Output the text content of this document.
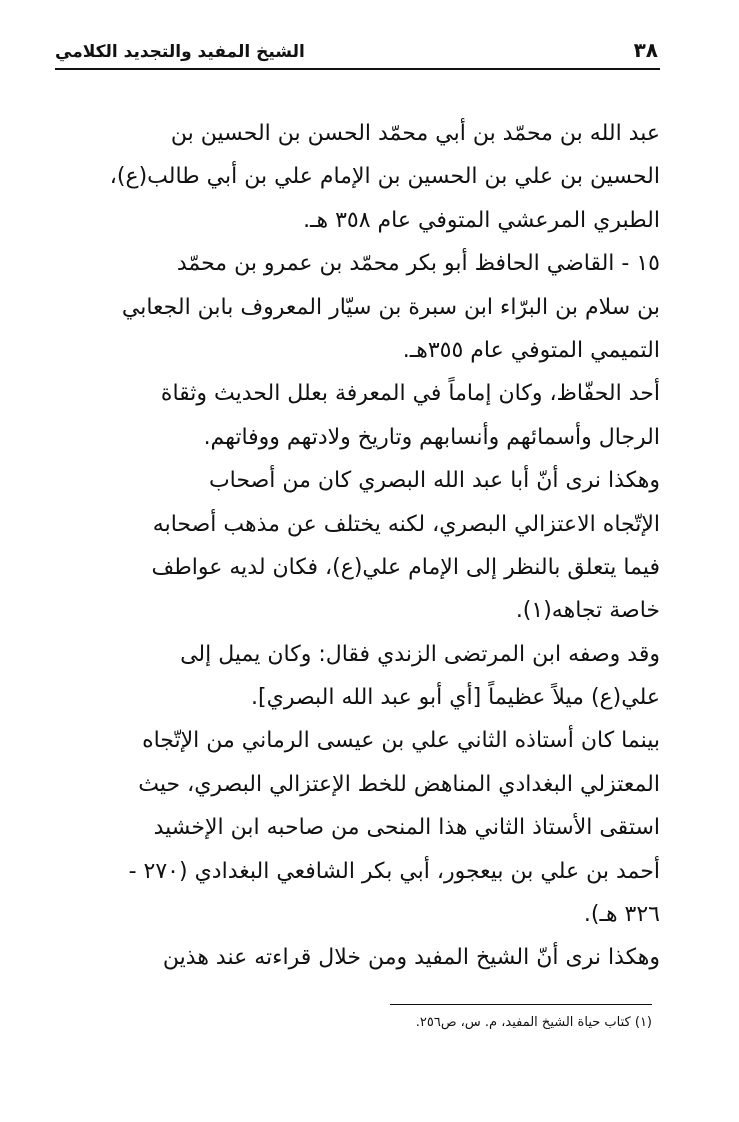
الشيخ المفيد والتجديد الكلامي	٣٨
عبد الله بن محمّد بن أبي محمّد الحسن بن الحسين بن
الحسين بن علي بن الحسين بن الإمام علي بن أبي طالب(ع)،
الطبري المرعشي المتوفي عام ٣٥٨ هـ.
١٥ - القاضي الحافظ أبو بكر محمّد بن عمرو بن محمّد
بن سلام بن البرّاء ابن سبرة بن سيّار المعروف بابن الجعابي
التميمي المتوفي عام ٣٥٥هـ.
أحد الحفّاظ، وكان إماماً في المعرفة بعلل الحديث وثقاة
الرجال وأسمائهم وأنسابهم وتاريخ ولادتهم ووفاتهم.
وهكذا نرى أنّ أبا عبد الله البصري كان من أصحاب
الإتّجاه الاعتزالي البصري، لكنه يختلف عن مذهب أصحابه
فيما يتعلق بالنظر إلى الإمام علي(ع)، فكان لديه عواطف
خاصة تجاهه(١).
وقد وصفه ابن المرتضى الزندي فقال: وكان يميل إلى
علي(ع) ميلاً عظيماً [أي أبو عبد الله البصري].
بينما كان أستاذه الثاني علي بن عيسى الرماني من الإتّجاه
المعتزلي البغدادي المناهض للخط الإعتزالي البصري، حيث
استقى الأستاذ الثاني هذا المنحى من صاحبه ابن الإخشيد
أحمد بن علي بن بيعجور، أبي بكر الشافعي البغدادي (٢٧٠ -
٣٢٦ هـ).
وهكذا نرى أنّ الشيخ المفيد ومن خلال قراءته عند هذين
(١) كتاب حياة الشيخ المفيد، م. س، ص٢٥٦.
